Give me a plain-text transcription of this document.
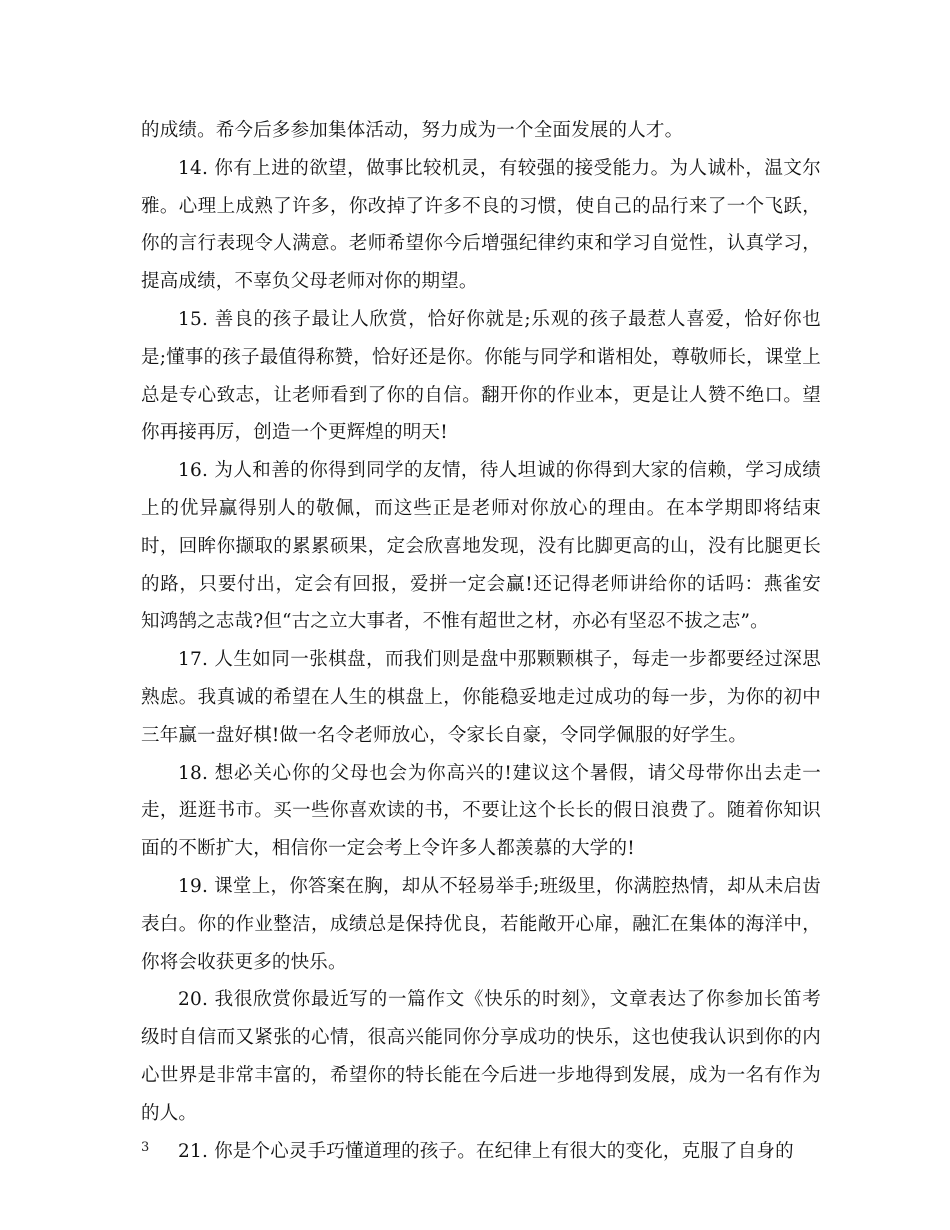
的成绩。希今后多参加集体活动，努力成为一个全面发展的人才。

14. 你有上进的欲望，做事比较机灵，有较强的接受能力。为人诚朴，温文尔雅。心理上成熟了许多，你改掉了许多不良的习惯，使自己的品行来了一个飞跃，你的言行表现令人满意。老师希望你今后增强纪律约束和学习自觉性，认真学习，提高成绩，不辜负父母老师对你的期望。

15. 善良的孩子最让人欣赏，恰好你就是;乐观的孩子最惹人喜爱，恰好你也是;懂事的孩子最值得称赞，恰好还是你。你能与同学和谐相处，尊敬师长，课堂上总是专心致志，让老师看到了你的自信。翻开你的作业本，更是让人赞不绝口。望你再接再厉，创造一个更辉煌的明天!

16. 为人和善的你得到同学的友情，待人坦诚的你得到大家的信赖，学习成绩上的优异赢得别人的敬佩，而这些正是老师对你放心的理由。在本学期即将结束时，回眸你撷取的累累硕果，定会欣喜地发现，没有比脚更高的山，没有比腿更长的路，只要付出，定会有回报，爱拼一定会赢!还记得老师讲给你的话吗：燕雀安知鸿鹄之志哉?但“古之立大事者，不惟有超世之材，亦必有坚忍不拔之志”。

17. 人生如同一张棋盘，而我们则是盘中那颗颗棋子，每走一步都要经过深思熟虑。我真诚的希望在人生的棋盘上，你能稳妥地走过成功的每一步，为你的初中三年赢一盘好棋!做一名令老师放心，令家长自豪，令同学佩服的好学生。

18. 想必关心你的父母也会为你高兴的!建议这个暑假，请父母带你出去走一走，逛逛书市。买一些你喜欢读的书，不要让这个长长的假日浪费了。随着你知识面的不断扩大，相信你一定会考上令许多人都羡慕的大学的!

19. 课堂上，你答案在胸，却从不轻易举手;班级里，你满腔热情，却从未启齿表白。你的作业整洁，成绩总是保持优良，若能敞开心扉，融汇在集体的海洋中，你将会收获更多的快乐。

20. 我很欣赏你最近写的一篇作文《快乐的时刻》，文章表达了你参加长笛考级时自信而又紧张的心情，很高兴能同你分享成功的快乐，这也使我认识到你的内心世界是非常丰富的，希望你的特长能在今后进一步地得到发展，成为一名有作为的人。

21. 你是个心灵手巧懂道理的孩子。在纪律上有很大的变化，克服了自身的

3
